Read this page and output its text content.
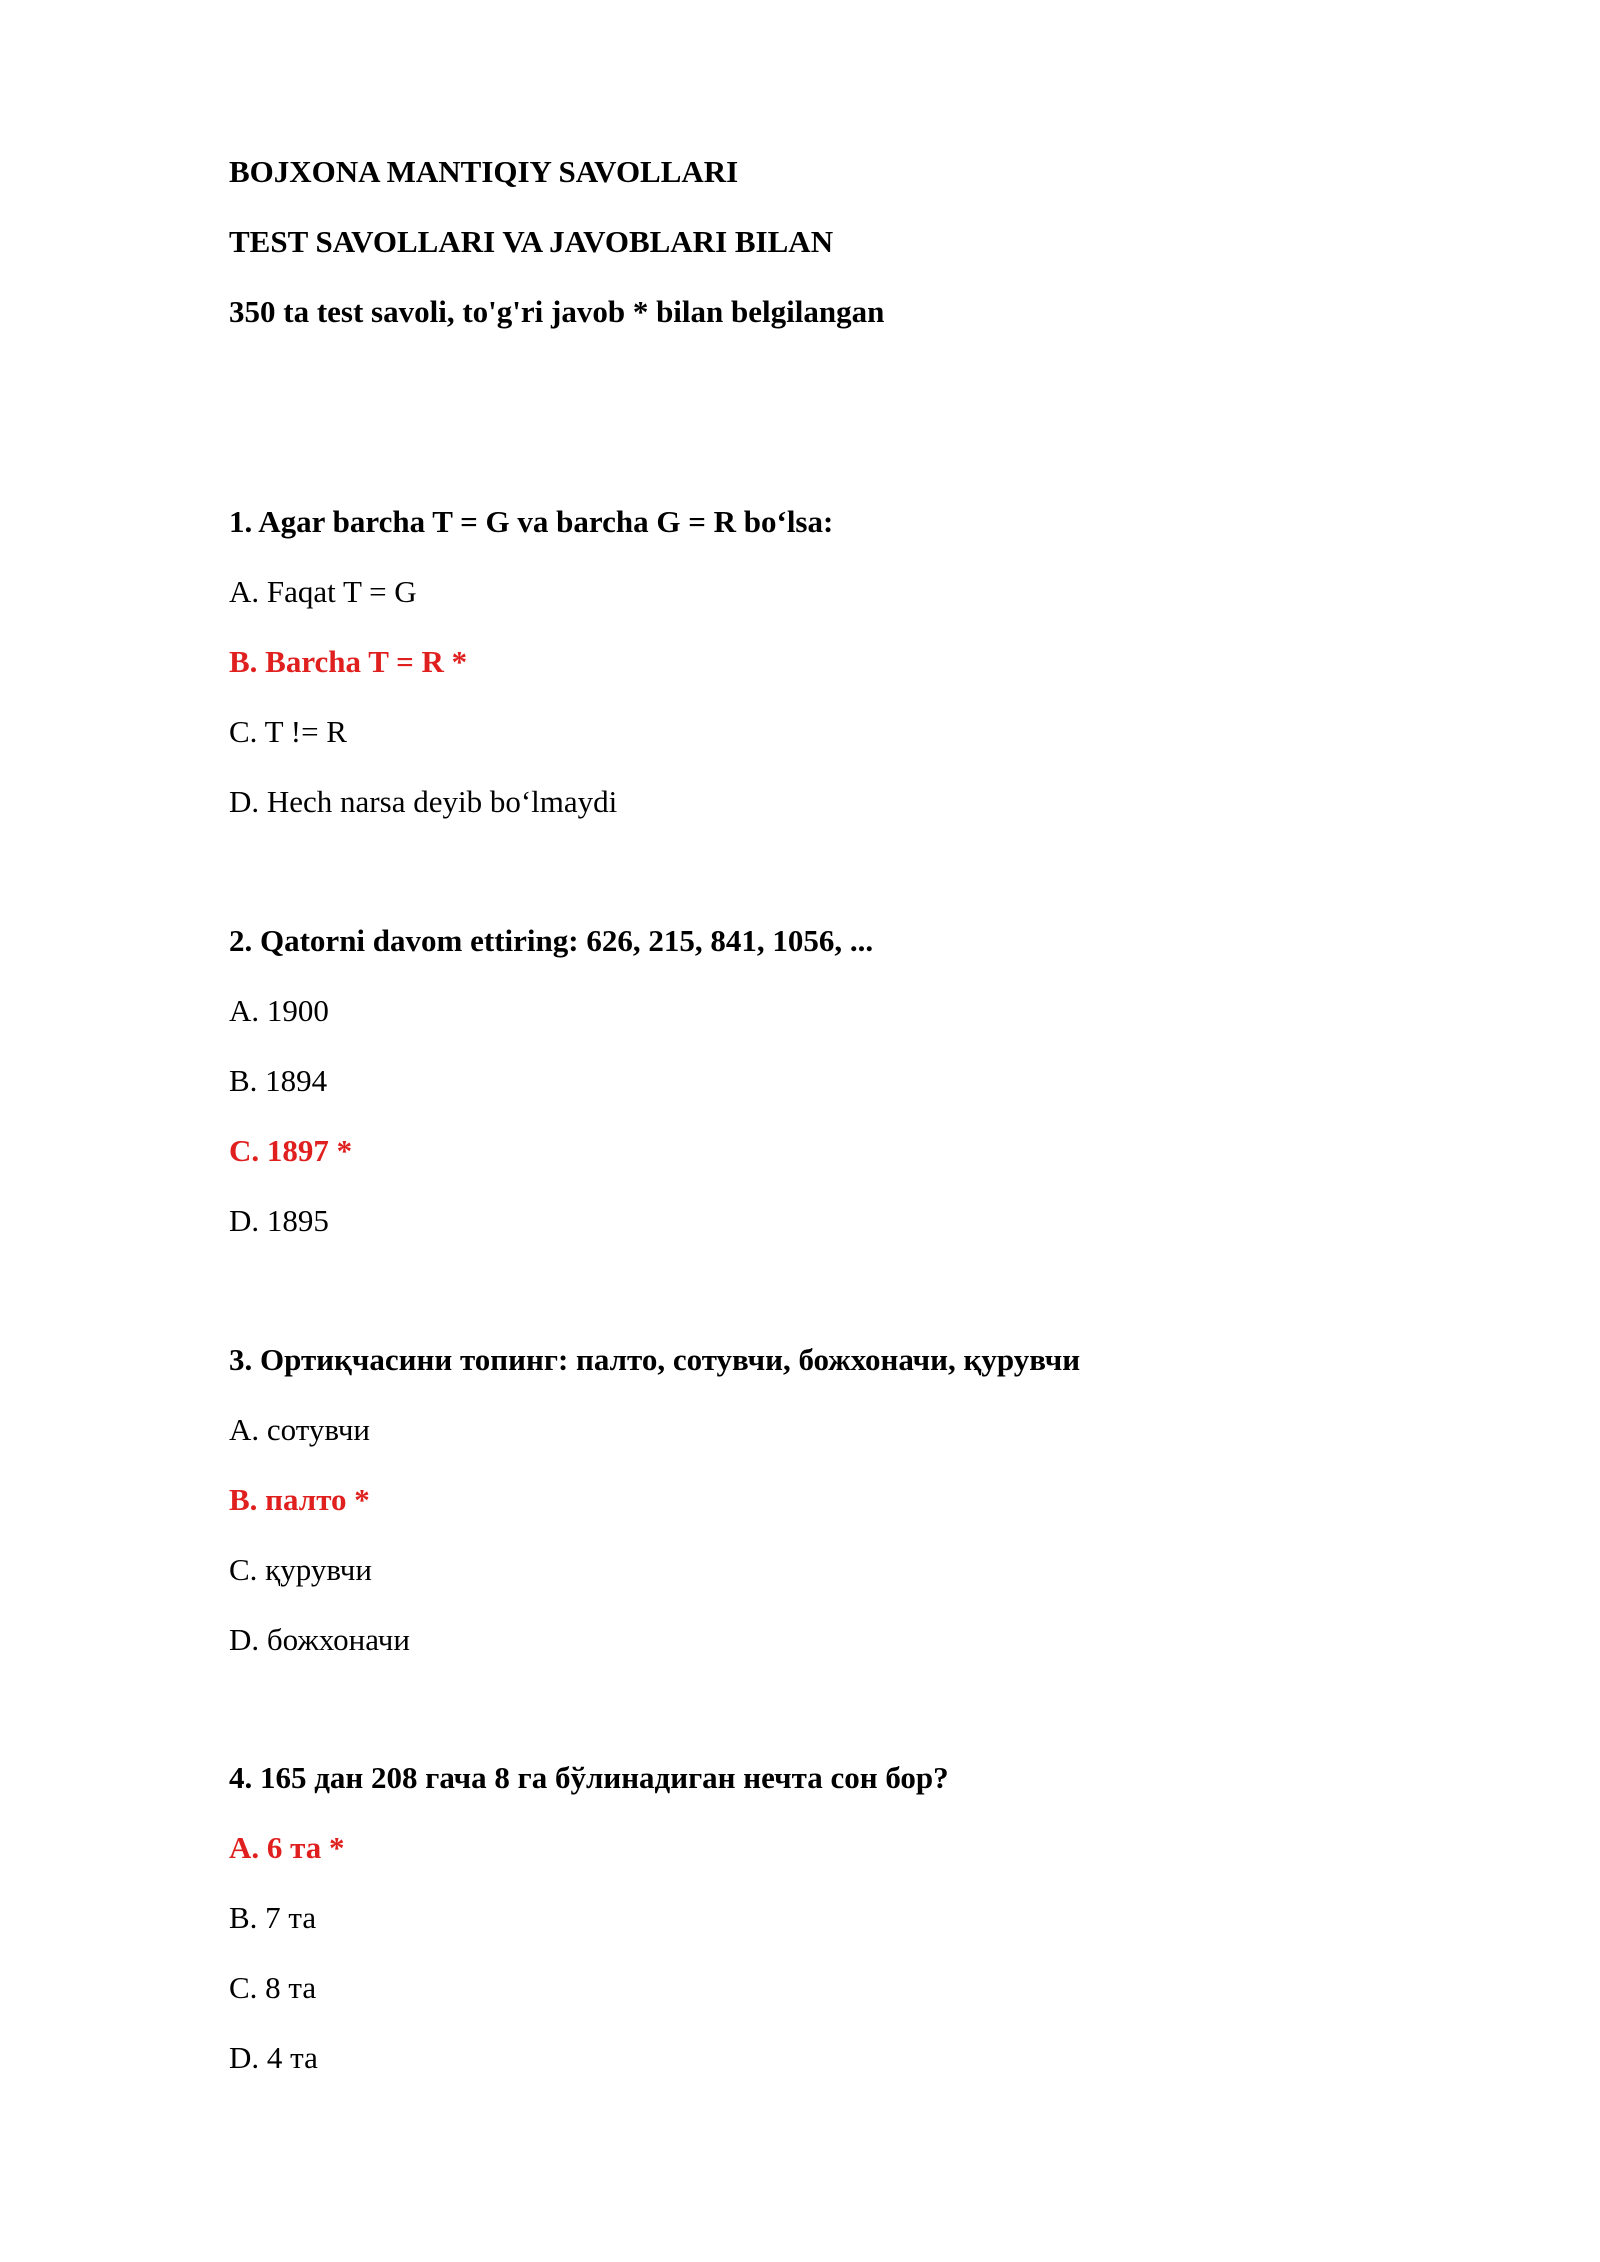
BOJXONA MANTIQIY SAVOLLARI

TEST SAVOLLARI VA JAVOBLARI BILAN

350 ta test savoli, to'g'ri javob * bilan belgilangan

1. Agar barcha T = G va barcha G = R bo‘lsa:

A. Faqat T = G

B. Barcha T = R *

C. T != R

D. Hech narsa deyib bo‘lmaydi

2. Qatorni davom ettiring: 626, 215, 841, 1056, ...

A. 1900

B. 1894

C. 1897 *

D. 1895

3. Ортиқчасини топинг: палто, сотувчи, божхоначи, қурувчи

A. сотувчи

B. палто *

C. қурувчи

D. божхоначи

4. 165 дан 208 гача 8 га бўлинадиган нечта сон бор?

A. 6 та *

B. 7 та

C. 8 та

D. 4 та
